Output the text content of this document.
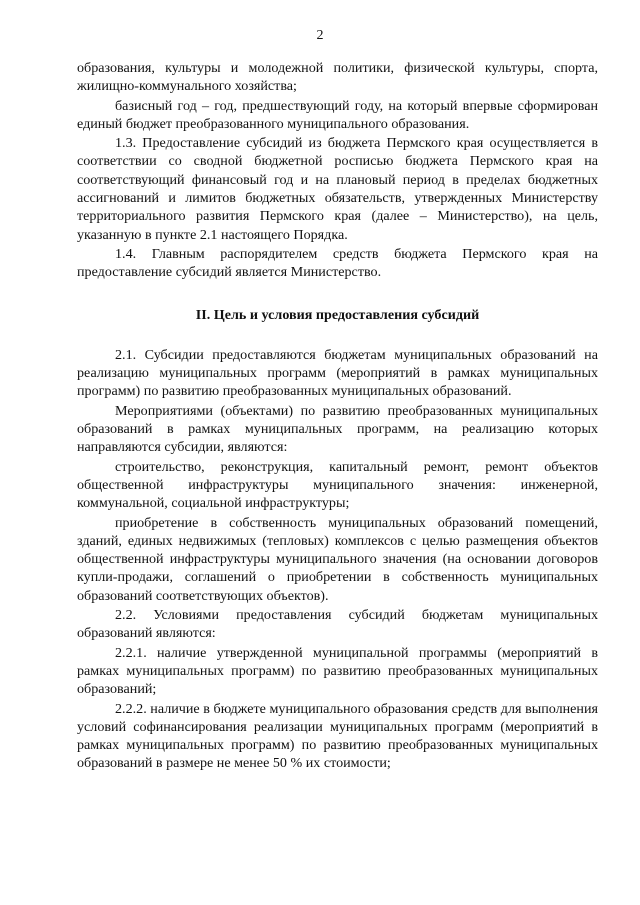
2

образования, культуры и молодежной политики, физической культуры, спорта, жилищно-коммунального хозяйства;

базисный год – год, предшествующий году, на который впервые сформирован единый бюджет преобразованного муниципального образования.

1.3. Предоставление субсидий из бюджета Пермского края осуществляется в соответствии со сводной бюджетной росписью бюджета Пермского края на соответствующий финансовый год и на плановый период в пределах бюджетных ассигнований и лимитов бюджетных обязательств, утвержденных Министерству территориального развития Пермского края (далее – Министерство), на цель, указанную в пункте 2.1 настоящего Порядка.

1.4. Главным распорядителем средств бюджета Пермского края на предоставление субсидий является Министерство.

II. Цель и условия предоставления субсидий

2.1. Субсидии предоставляются бюджетам муниципальных образований на реализацию муниципальных программ (мероприятий в рамках муниципальных программ) по развитию преобразованных муниципальных образований.

Мероприятиями (объектами) по развитию преобразованных муниципальных образований в рамках муниципальных программ, на реализацию которых направляются субсидии, являются:

строительство, реконструкция, капитальный ремонт, ремонт объектов общественной инфраструктуры муниципального значения: инженерной, коммунальной, социальной инфраструктуры;

приобретение в собственность муниципальных образований помещений, зданий, единых недвижимых (тепловых) комплексов с целью размещения объектов общественной инфраструктуры муниципального значения (на основании договоров купли-продажи, соглашений о приобретении в собственность муниципальных образований соответствующих объектов).

2.2. Условиями предоставления субсидий бюджетам муниципальных образований являются:

2.2.1. наличие утвержденной муниципальной программы (мероприятий в рамках муниципальных программ) по развитию преобразованных муниципальных образований;

2.2.2. наличие в бюджете муниципального образования средств для выполнения условий софинансирования реализации муниципальных программ (мероприятий в рамках муниципальных программ) по развитию преобразованных муниципальных образований в размере не менее 50 % их стоимости;
